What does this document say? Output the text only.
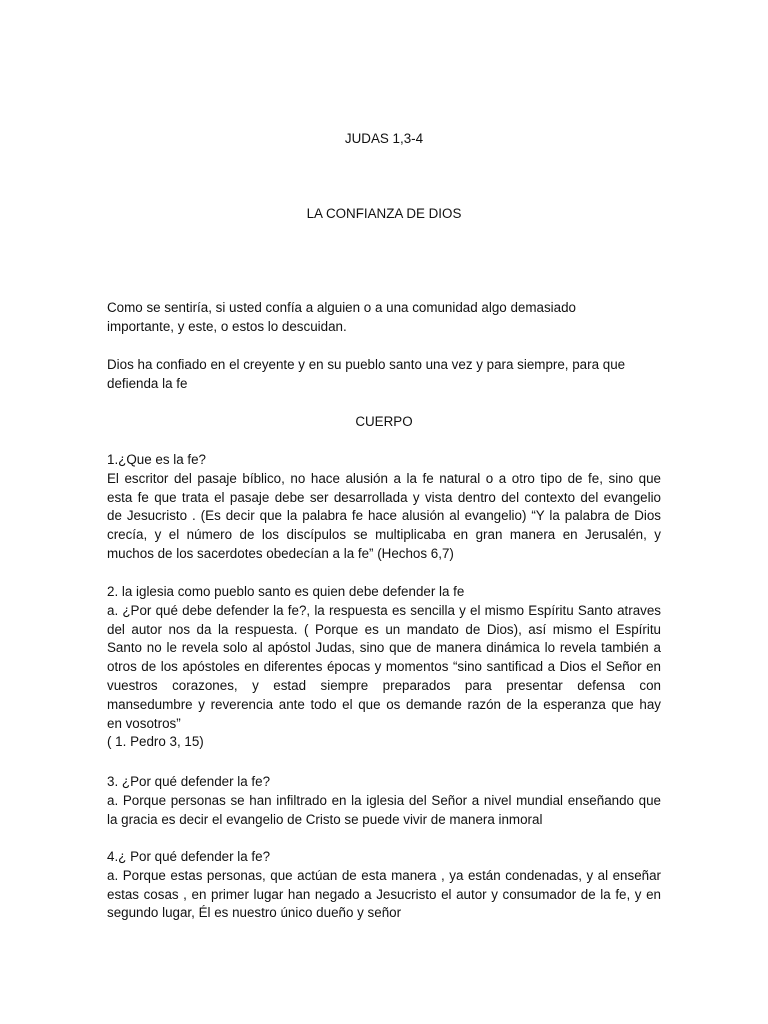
JUDAS 1,3-4

LA CONFIANZA DE DIOS

Como se sentiría, si usted confía a alguien o a una comunidad algo demasiado
importante, y este, o estos lo descuidan.
Dios ha confiado en el creyente y en su pueblo santo una vez y para siempre, para que
defienda la fe

CUERPO

1.¿Que es la fe?
El escritor del pasaje bíblico, no hace alusión a la fe natural o a otro tipo de fe, sino que
esta fe que trata el pasaje debe ser desarrollada y vista dentro del contexto del evangelio
de Jesucristo . (Es decir que la palabra fe hace alusión al evangelio) “Y la palabra de Dios
crecía, y el número de los discípulos se multiplicaba en gran manera en Jerusalén, y
muchos de los sacerdotes obedecían a la fe” (Hechos 6,7)
2. la iglesia como pueblo santo es quien debe defender la fe
a. ¿Por qué debe defender la fe?, la respuesta es sencilla y el mismo Espíritu Santo atraves
del autor nos da la respuesta. ( Porque es un mandato de Dios), así mismo el Espíritu
Santo no le revela solo al apóstol Judas, sino que de manera dinámica lo revela también a
otros de los apóstoles en diferentes épocas y momentos “sino santificad a Dios el Señor en
vuestros corazones, y estad siempre preparados para presentar defensa con
mansedumbre y reverencia ante todo el que os demande razón de la esperanza que hay
en vosotros”
( 1. Pedro 3, 15)
3. ¿Por qué defender la fe?
a. Porque personas se han infiltrado en la iglesia del Señor a nivel mundial enseñando que
la gracia es decir el evangelio de Cristo se puede vivir de manera inmoral
4.¿ Por qué defender la fe?
a. Porque estas personas, que actúan de esta manera , ya están condenadas, y al enseñar
estas cosas , en primer lugar han negado a Jesucristo el autor y consumador de la fe, y en
segundo lugar, Él es nuestro único dueño y señor
